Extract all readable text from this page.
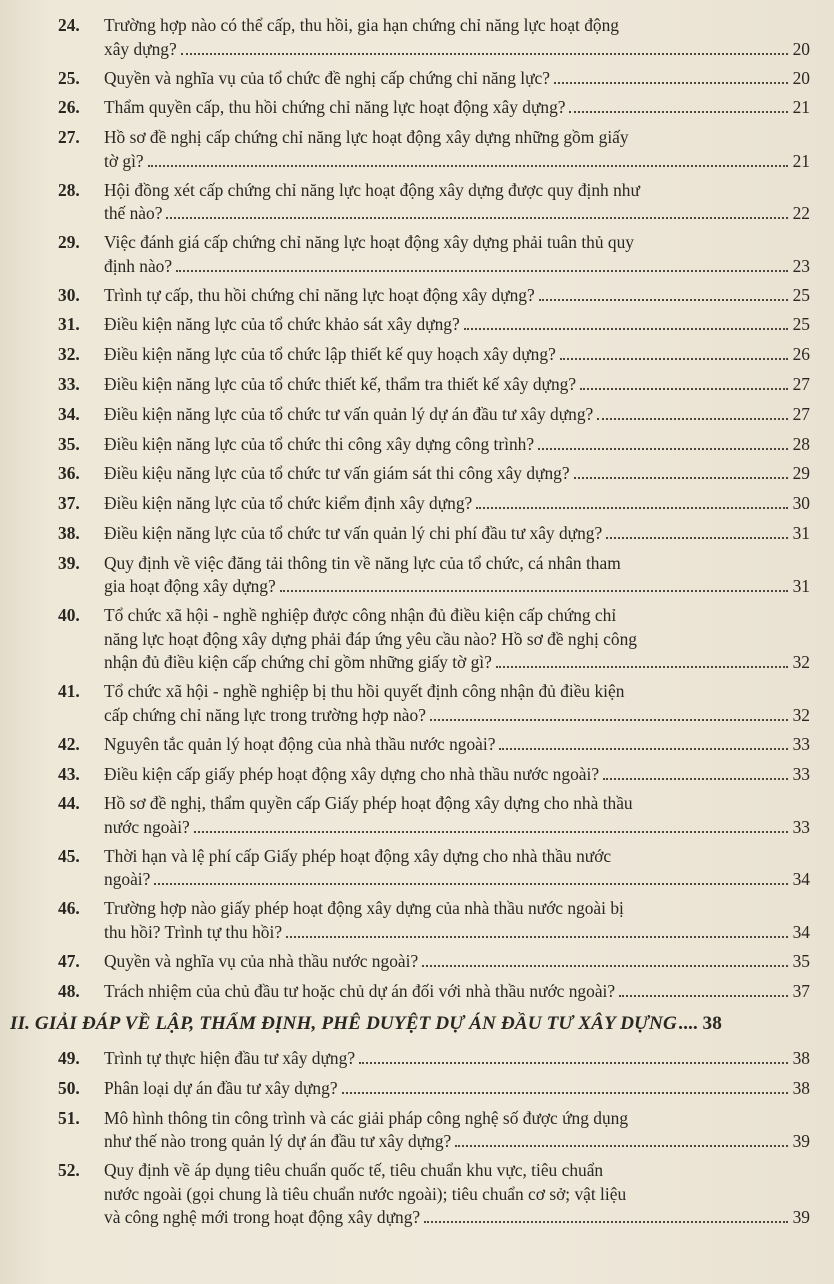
24.	Trường hợp nào có thể cấp, thu hồi, gia hạn chứng chỉ năng lực hoạt động
xây dựng?	20
25.	Quyền và nghĩa vụ của tổ chức đề nghị cấp chứng chỉ năng lực?	20
26.	Thẩm quyền cấp, thu hồi chứng chỉ năng lực hoạt động xây dựng?	21
27.	Hồ sơ đề nghị cấp chứng chỉ năng lực hoạt động xây dựng những gồm giấy
tờ gì?	21
28.	Hội đồng xét cấp chứng chỉ năng lực hoạt động xây dựng được quy định như
thế nào?	22
29.	Việc đánh giá cấp chứng chỉ năng lực hoạt động xây dựng phải tuân thủ quy
định nào?	23
30.	Trình tự cấp, thu hồi chứng chỉ năng lực hoạt động xây dựng?	25
31.	Điều kiện năng lực của tổ chức khảo sát xây dựng?	25
32.	Điều kiện năng lực của tổ chức lập thiết kế quy hoạch xây dựng?	26
33.	Điều kiện năng lực của tổ chức thiết kế, thẩm tra thiết kế xây dựng?	27
34.	Điều kiện năng lực của tổ chức tư vấn quản lý dự án đầu tư xây dựng?	27
35.	Điều kiện năng lực của tổ chức thi công xây dựng công trình?	28
36.	Điều kiệu năng lực của tổ chức tư vấn giám sát thi công xây dựng?	29
37.	Điều kiện năng lực của tổ chức kiểm định xây dựng?	30
38.	Điều kiện năng lực của tổ chức tư vấn quản lý chi phí đầu tư xây dựng?	31
39.	Quy định về việc đăng tải thông tin về năng lực của tổ chức, cá nhân tham
gia hoạt động xây dựng?	31
40.	Tổ chức xã hội - nghề nghiệp được công nhận đủ điều kiện cấp chứng chỉ
năng lực hoạt động xây dựng phải đáp ứng yêu cầu nào? Hồ sơ đề nghị công
nhận đủ điều kiện cấp chứng chỉ gồm những giấy tờ gì?	32
41.	Tổ chức xã hội - nghề nghiệp bị thu hồi quyết định công nhận đủ điều kiện
cấp chứng chỉ năng lực trong trường hợp nào?	32
42.	Nguyên tắc quản lý hoạt động của nhà thầu nước ngoài?	33
43.	Điều kiện cấp giấy phép hoạt động xây dựng cho nhà thầu nước ngoài?	33
44.	Hồ sơ đề nghị, thẩm quyền cấp Giấy phép hoạt động xây dựng cho nhà thầu
nước ngoài?	33
45.	Thời hạn và lệ phí cấp Giấy phép hoạt động xây dựng cho nhà thầu nước
ngoài?	34
46.	Trường hợp nào giấy phép hoạt động xây dựng của nhà thầu nước ngoài bị
thu hồi? Trình tự thu hồi?	34
47.	Quyền và nghĩa vụ của nhà thầu nước ngoài?	35
48.	Trách nhiệm của chủ đầu tư hoặc chủ dự án đối với nhà thầu nước ngoài?	37
II. GIẢI ĐÁP VỀ LẬP, THẨM ĐỊNH, PHÊ DUYỆT DỰ ÁN ĐẦU TƯ XÂY DỰNG .... 38
49.	Trình tự thực hiện đầu tư xây dựng?	38
50.	Phân loại dự án đầu tư xây dựng?	38
51.	Mô hình thông tin công trình và các giải pháp công nghệ số được ứng dụng
như thế nào trong quản lý dự án đầu tư xây dựng?	39
52.	Quy định về áp dụng tiêu chuẩn quốc tế, tiêu chuẩn khu vực, tiêu chuẩn
nước ngoài (gọi chung là tiêu chuẩn nước ngoài); tiêu chuẩn cơ sở; vật liệu
và công nghệ mới trong hoạt động xây dựng?	39
